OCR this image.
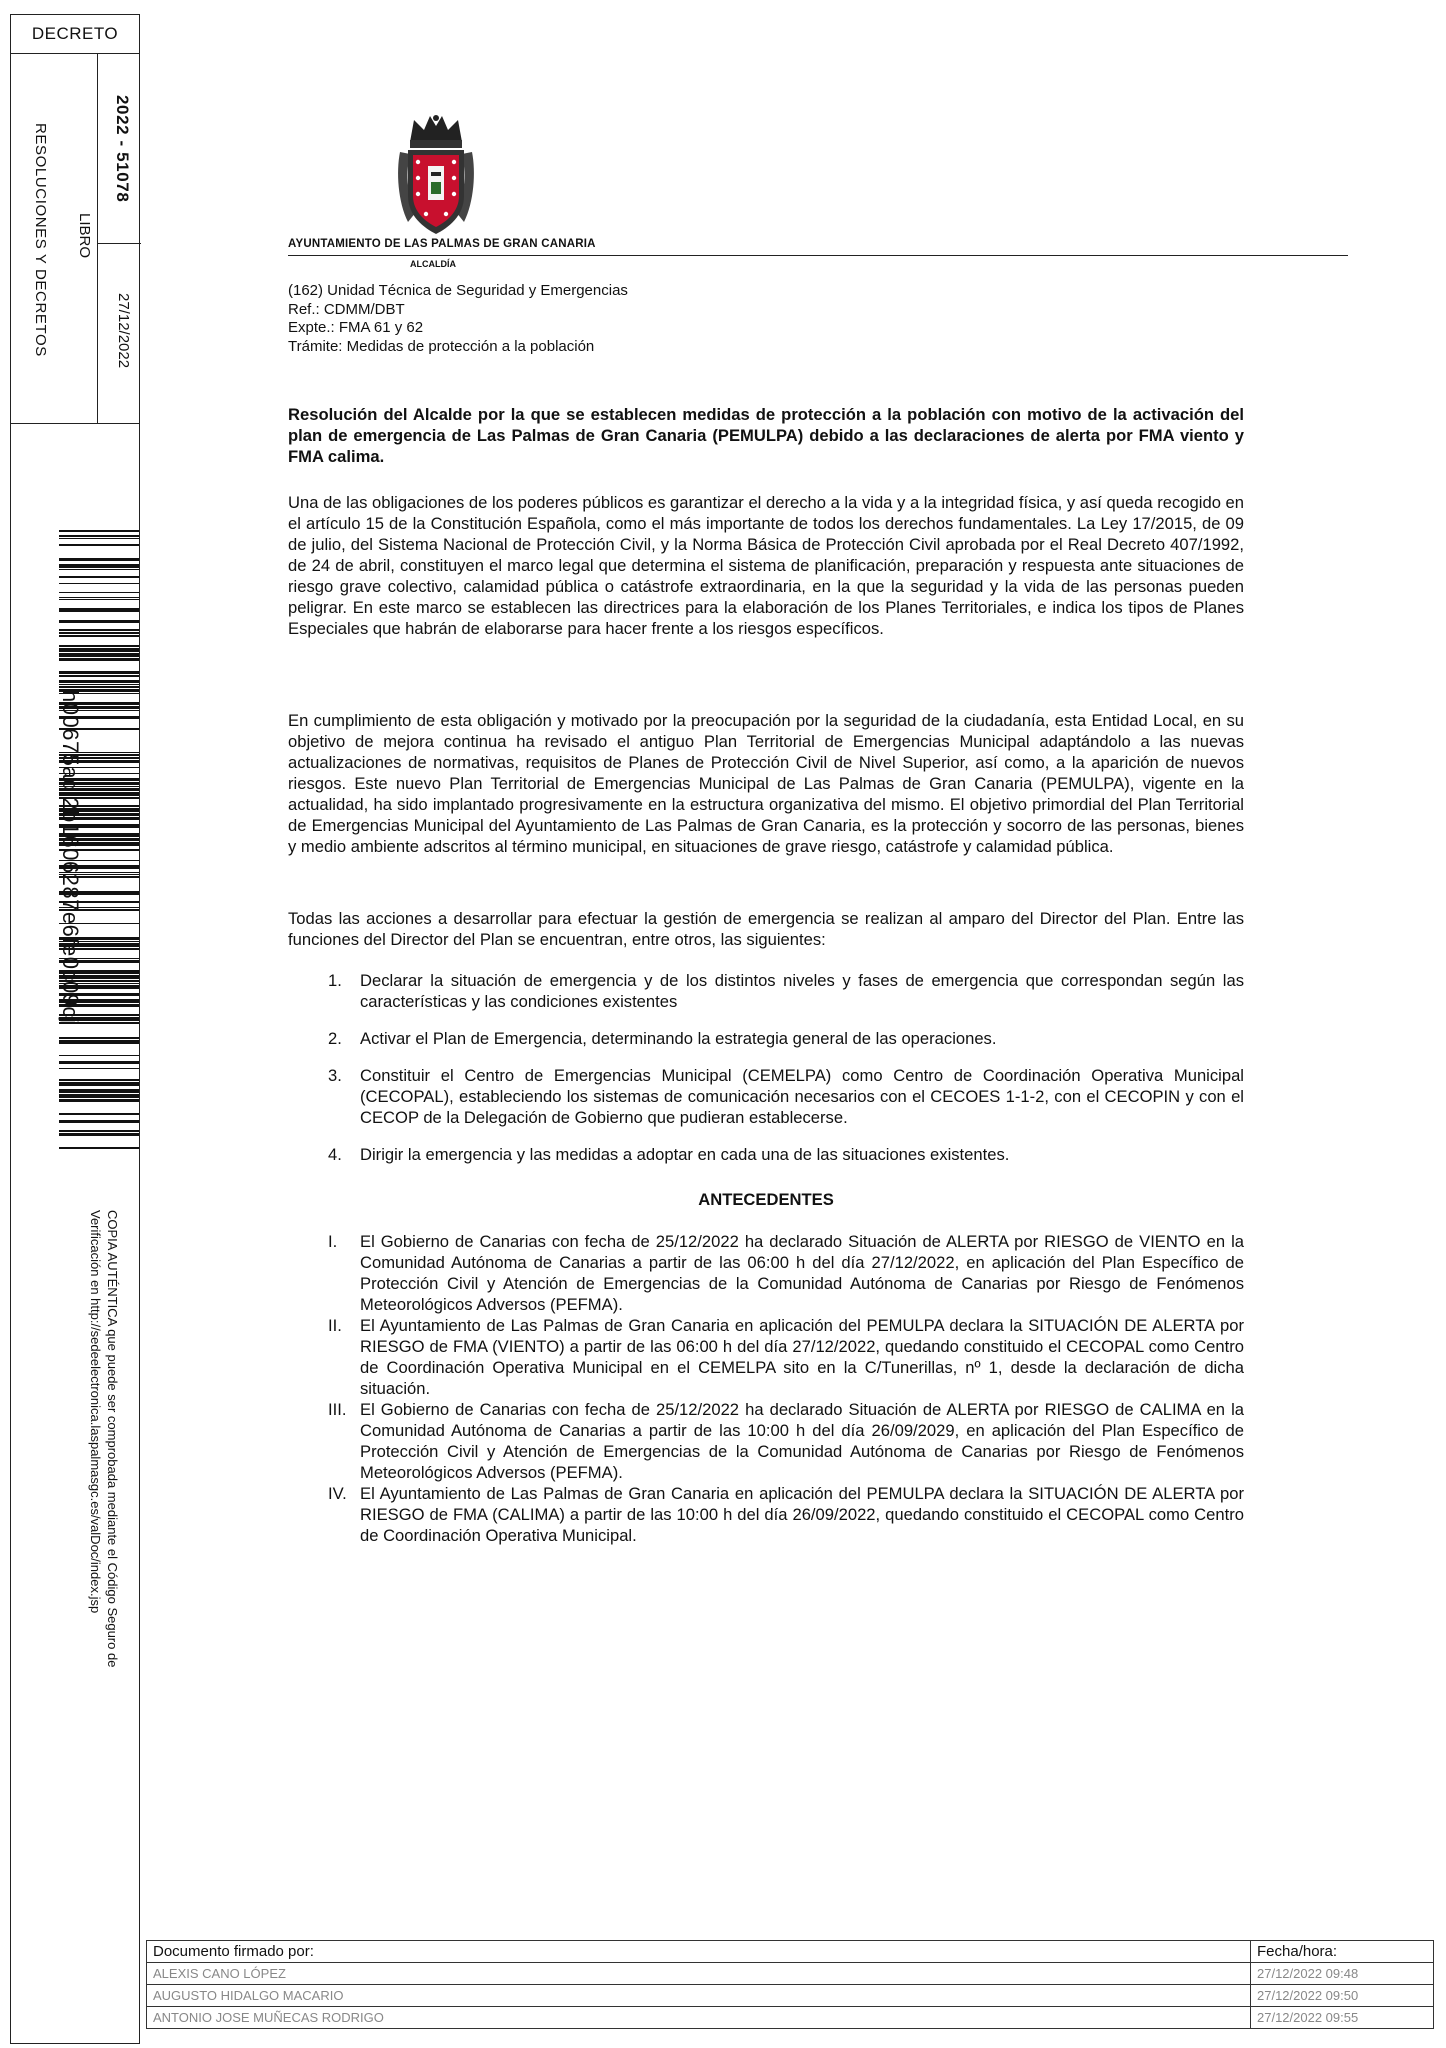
DECRETO
RESOLUCIONES Y DECRETOS LIBRO
2022 - 51078
27/12/2022
h00675adl2b1606287e6fe0c09cj
COPIA AUTÉNTICA que puede ser comprobada mediante el Código Seguro de
Verificación en http://sedeelectronica.laspalmasgc.es/valDoc/index.jsp
AYUNTAMIENTO DE LAS PALMAS DE GRAN CANARIA
ALCALDÍA
(162) Unidad Técnica de Seguridad y Emergencias
Ref.: CDMM/DBT
Expte.: FMA 61 y 62
Trámite: Medidas de protección a la población
Resolución del Alcalde por la que se establecen medidas de protección a la población con motivo de la activación del plan de emergencia de Las Palmas de Gran Canaria (PEMULPA) debido a las declaraciones de alerta por FMA viento y FMA calima.
Una de las obligaciones de los poderes públicos es garantizar el derecho a la vida y a la integridad física, y así queda recogido en el artículo 15 de la Constitución Española, como el más importante de todos los derechos fundamentales. La Ley 17/2015, de 09 de julio, del Sistema Nacional de Protección Civil, y la Norma Básica de Protección Civil aprobada por el Real Decreto 407/1992, de 24 de abril, constituyen el marco legal que determina el sistema de planificación, preparación y respuesta ante situaciones de riesgo grave colectivo, calamidad pública o catástrofe extraordinaria, en la que la seguridad y la vida de las personas pueden peligrar. En este marco se establecen las directrices para la elaboración de los Planes Territoriales, e indica los tipos de Planes Especiales que habrán de elaborarse para hacer frente a los riesgos específicos.
En cumplimiento de esta obligación y motivado por la preocupación por la seguridad de la ciudadanía, esta Entidad Local, en su objetivo de mejora continua ha revisado el antiguo Plan Territorial de Emergencias Municipal adaptándolo a las nuevas actualizaciones de normativas, requisitos de Planes de Protección Civil de Nivel Superior, así como, a la aparición de nuevos riesgos. Este nuevo Plan Territorial de Emergencias Municipal de Las Palmas de Gran Canaria (PEMULPA), vigente en la actualidad, ha sido implantado progresivamente en la estructura organizativa del mismo. El objetivo primordial del Plan Territorial de Emergencias Municipal del Ayuntamiento de Las Palmas de Gran Canaria, es la protección y socorro de las personas, bienes y medio ambiente adscritos al término municipal, en situaciones de grave riesgo, catástrofe y calamidad pública.
Todas las acciones a desarrollar para efectuar la gestión de emergencia se realizan al amparo del Director del Plan. Entre las funciones del Director del Plan se encuentran, entre otros, las siguientes:
1. Declarar la situación de emergencia y de los distintos niveles y fases de emergencia que correspondan según las características y las condiciones existentes
2. Activar el Plan de Emergencia, determinando la estrategia general de las operaciones.
3. Constituir el Centro de Emergencias Municipal (CEMELPA) como Centro de Coordinación Operativa Municipal (CECOPAL), estableciendo los sistemas de comunicación necesarios con el CECOES 1-1-2, con el CECOPIN y con el CECOP de la Delegación de Gobierno que pudieran establecerse.
4. Dirigir la emergencia y las medidas a adoptar en cada una de las situaciones existentes.
ANTECEDENTES
I. El Gobierno de Canarias con fecha de 25/12/2022 ha declarado Situación de ALERTA por RIESGO de VIENTO en la Comunidad Autónoma de Canarias a partir de las 06:00 h del día 27/12/2022, en aplicación del Plan Específico de Protección Civil y Atención de Emergencias de la Comunidad Autónoma de Canarias por Riesgo de Fenómenos Meteorológicos Adversos (PEFMA).
II. El Ayuntamiento de Las Palmas de Gran Canaria en aplicación del PEMULPA declara la SITUACIÓN DE ALERTA por RIESGO de FMA (VIENTO) a partir de las 06:00 h del día 27/12/2022, quedando constituido el CECOPAL como Centro de Coordinación Operativa Municipal en el CEMELPA sito en la C/Tunerillas, nº 1, desde la declaración de dicha situación.
III. El Gobierno de Canarias con fecha de 25/12/2022 ha declarado Situación de ALERTA por RIESGO de CALIMA en la Comunidad Autónoma de Canarias a partir de las 10:00 h del día 26/09/2029, en aplicación del Plan Específico de Protección Civil y Atención de Emergencias de la Comunidad Autónoma de Canarias por Riesgo de Fenómenos Meteorológicos Adversos (PEFMA).
IV. El Ayuntamiento de Las Palmas de Gran Canaria en aplicación del PEMULPA declara la SITUACIÓN DE ALERTA por RIESGO de FMA (CALIMA) a partir de las 10:00 h del día 26/09/2022, quedando constituido el CECOPAL como Centro de Coordinación Operativa Municipal.
Documento firmado por:	Fecha/hora:
ALEXIS CANO LÓPEZ	27/12/2022 09:48
AUGUSTO HIDALGO MACARIO	27/12/2022 09:50
ANTONIO JOSE MUÑECAS RODRIGO	27/12/2022 09:55
